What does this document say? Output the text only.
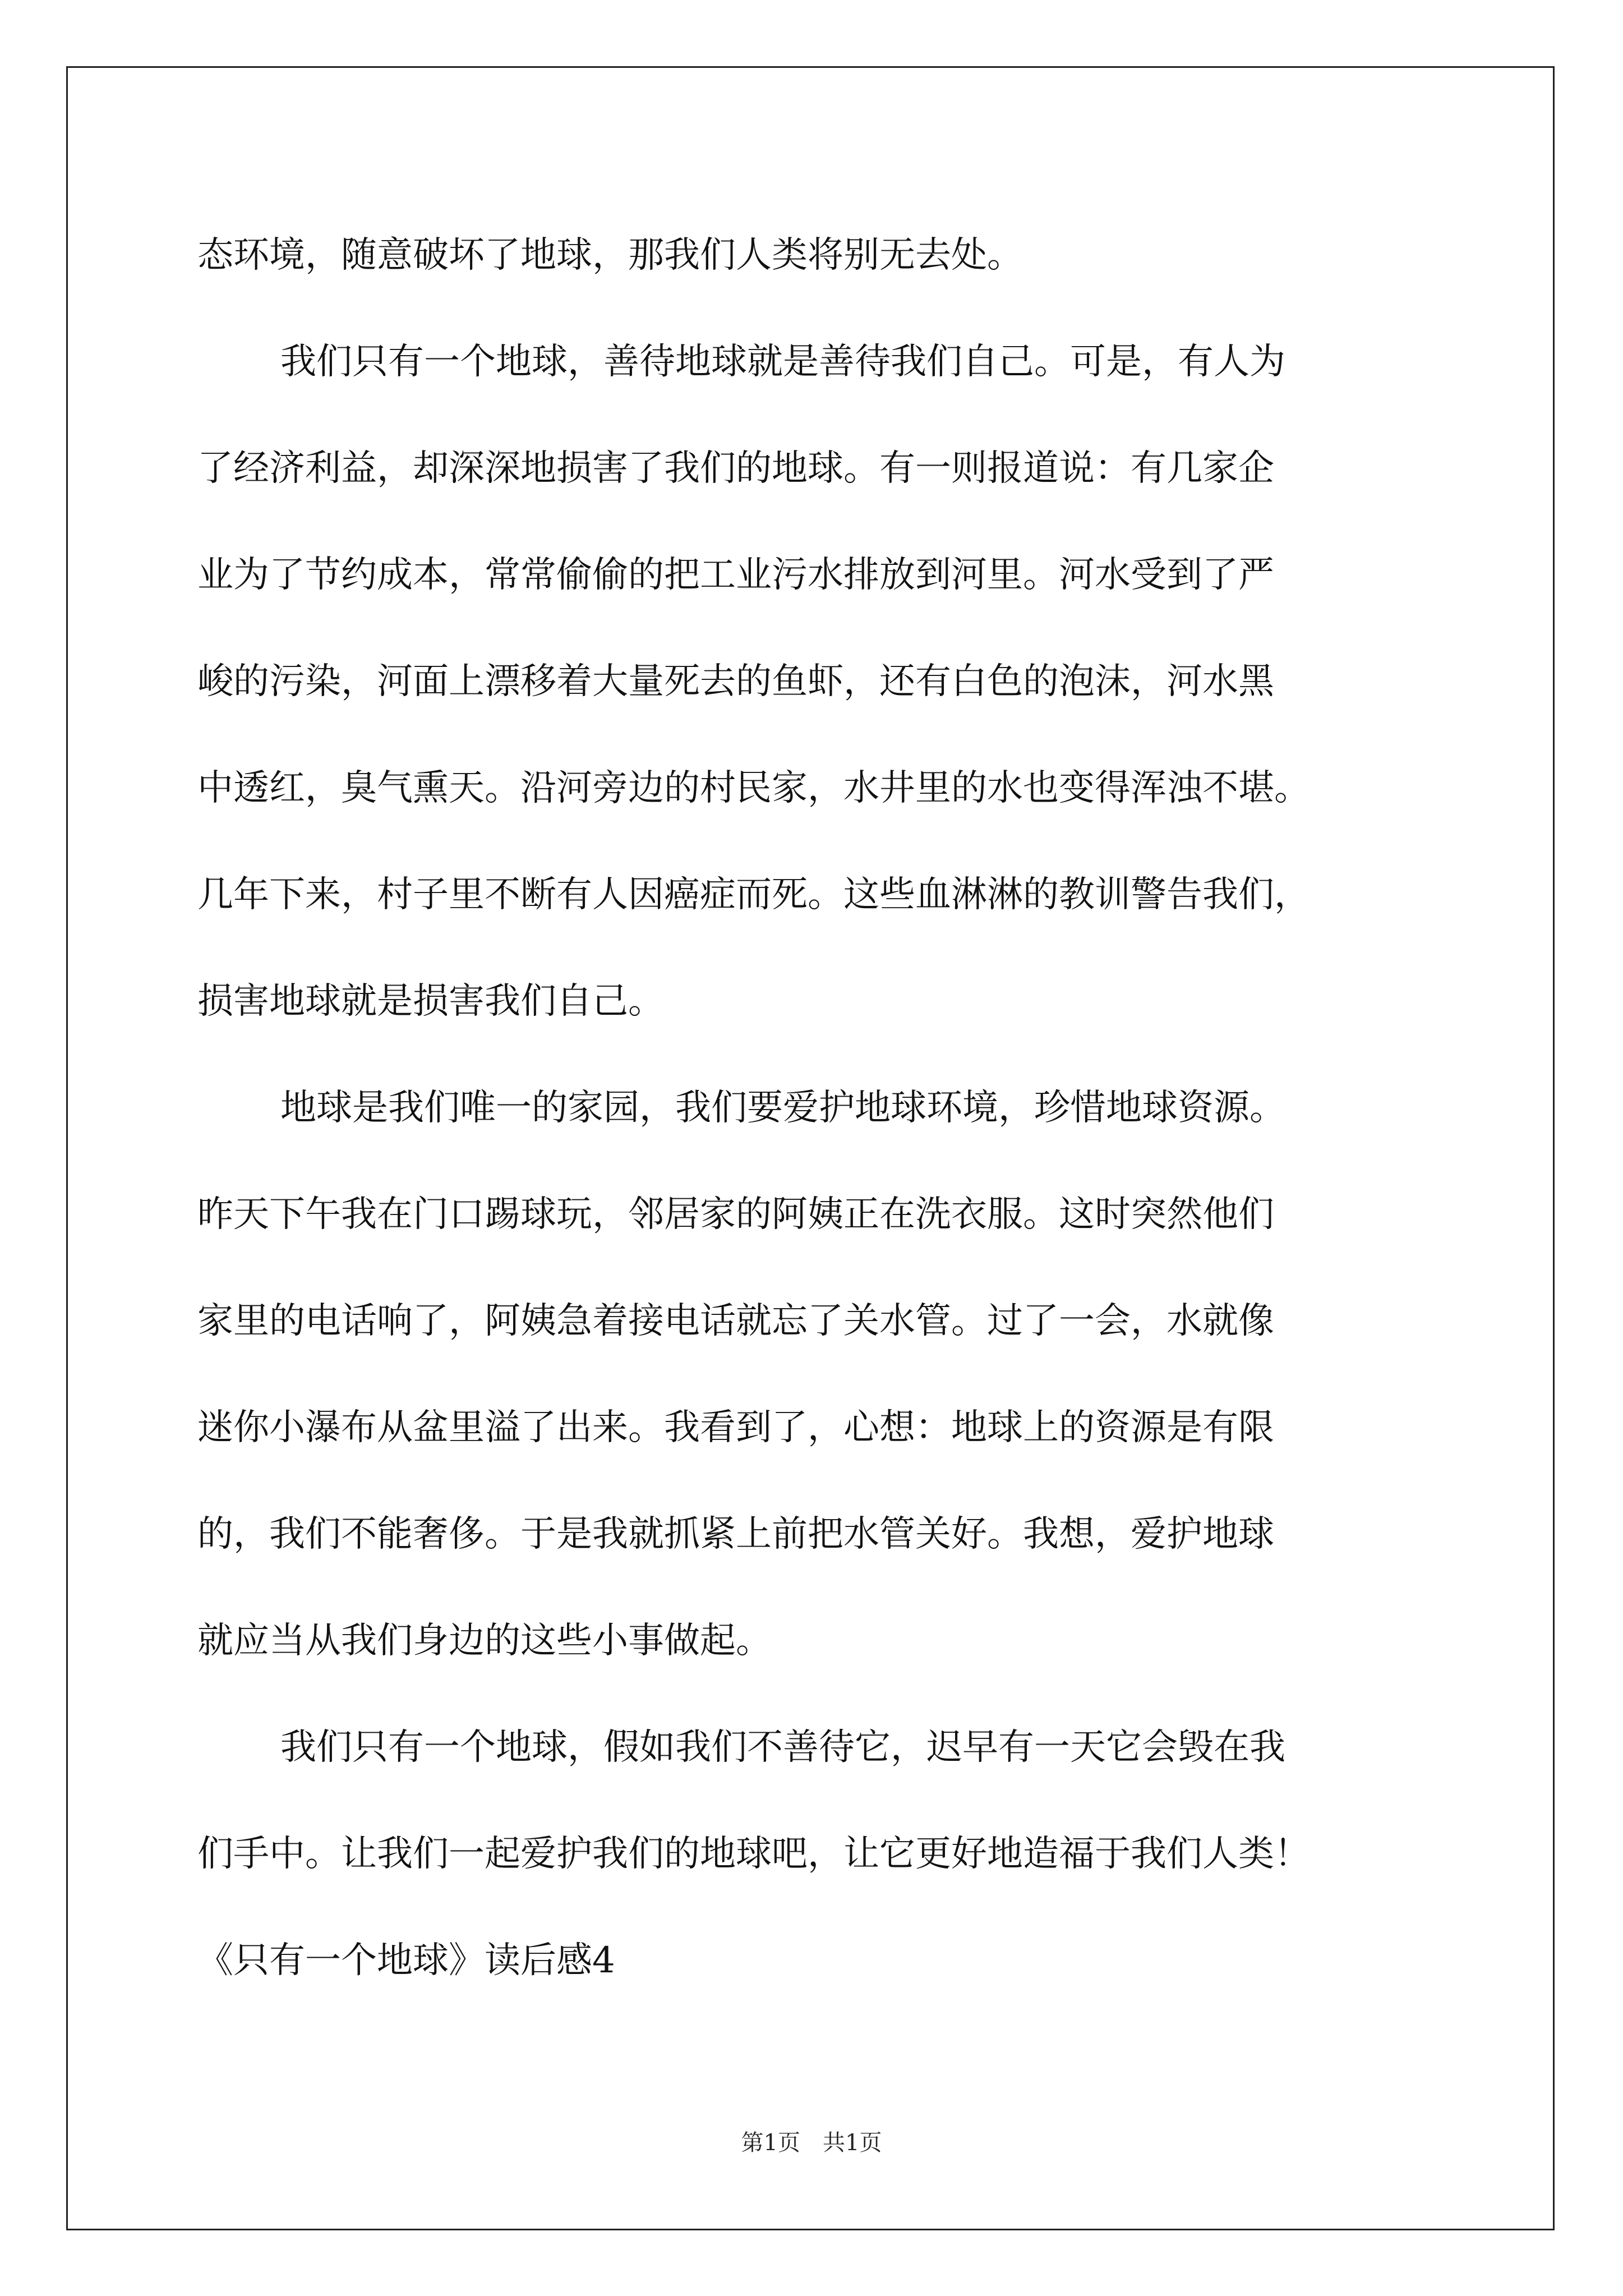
态环境，随意破坏了地球，那我们人类将别无去处。
我们只有一个地球，善待地球就是善待我们自己。可是，有人为
了经济利益，却深深地损害了我们的地球。有一则报道说：有几家企
业为了节约成本，常常偷偷的把工业污水排放到河里。河水受到了严
峻的污染，河面上漂移着大量死去的鱼虾，还有白色的泡沫，河水黑
中透红，臭气熏天。沿河旁边的村民家，水井里的水也变得浑浊不堪。
几年下来，村子里不断有人因癌症而死。这些血淋淋的教训警告我们，
损害地球就是损害我们自己。
地球是我们唯一的家园，我们要爱护地球环境，珍惜地球资源。
昨天下午我在门口踢球玩，邻居家的阿姨正在洗衣服。这时突然他们
家里的电话响了，阿姨急着接电话就忘了关水管。过了一会，水就像
迷你小瀑布从盆里溢了出来。我看到了，心想：地球上的资源是有限
的，我们不能奢侈。于是我就抓紧上前把水管关好。我想，爱护地球
就应当从我们身边的这些小事做起。
我们只有一个地球，假如我们不善待它，迟早有一天它会毁在我
们手中。让我们一起爱护我们的地球吧，让它更好地造福于我们人类！
《只有一个地球》读后感4
第1页　共1页
